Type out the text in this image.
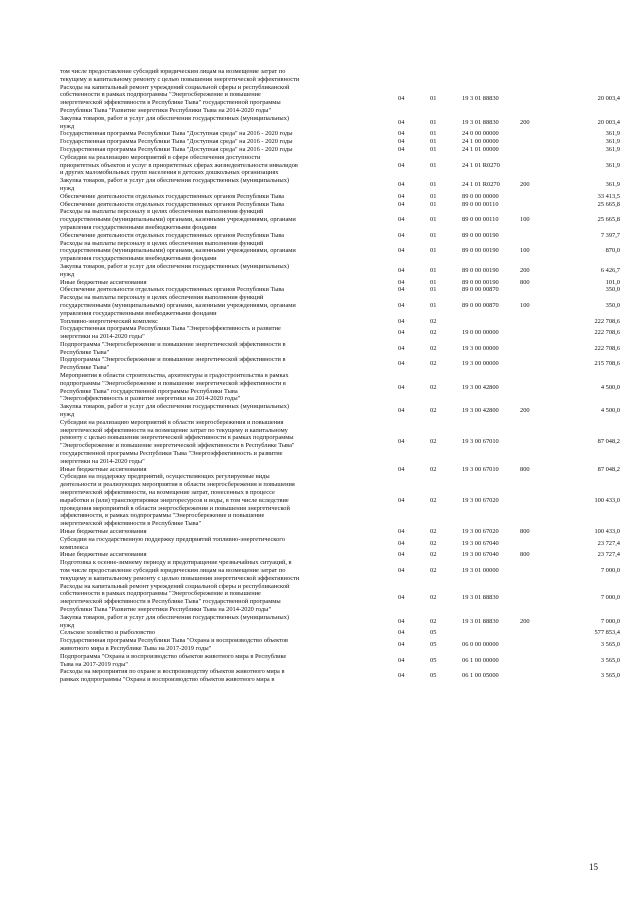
том числе предоставление субсидий юридическим лицам на возмещение затрат по
текущему и капитальному ремонту с целью повышения энергетической эффективности
Расходы на капитальный ремонт учреждений социальной сферы и республиканской
собственности в рамках подпрограммы "Энергосбережение и повышение
энергетической эффективности в Республике Тыва" государственной программы
Республики Тыва "Развитие энергетики Республики Тыва на 2014-2020 годы"
04	01	19 3 01 88830	20 003,4
Закупка товаров, работ и услуг для обеспечения государственных (муниципальных)
нужд
04	01	19 3 01 88830	200	20 003,4
Государственная программа Республики Тыва "Доступная среда" на 2016 - 2020 годы	04	01	24 0 00 00000	361,9
Государственная программа Республики Тыва "Доступная среда" на 2016 - 2020 годы	04	01	24 1 00 00000	361,9
Государственная программа Республики Тыва "Доступная среда" на 2016 - 2020 годы	04	01	24 1 01 00000	361,9
Субсидии на реализацию мероприятий в сфере обеспечения доступности
приоритетных объектов и услуг в приоритетных сферах жизнедеятельности инвалидов
и других маломобильных групп населения в детских дошкольных организациях
04	01	24 1 01 R0270	361,9
Закупка товаров, работ и услуг для обеспечения государственных (муниципальных)
нужд
04	01	24 1 01 R0270	200	361,9
Обеспечение деятельности отдельных государственных органов Республики Тыва	04	01	89 0 00 00000	33 413,5
Обеспечение деятельности отдельных государственных органов Республики Тыва	04	01	89 0 00 00110	25 665,8
Расходы на выплаты персоналу в целях обеспечения выполнения функций
государственными (муниципальными) органами, казенными учреждениями, органами
управления государственными внебюджетными фондами
04	01	89 0 00 00110	100	25 665,8
Обеспечение деятельности отдельных государственных органов Республики Тыва	04	01	89 0 00 00190	7 397,7
Расходы на выплаты персоналу в целях обеспечения выполнения функций
государственными (муниципальными) органами, казенными учреждениями, органами
управления государственными внебюджетными фондами
04	01	89 0 00 00190	100	870,0
Закупка товаров, работ и услуг для обеспечения государственных (муниципальных)
нужд
04	01	89 0 00 00190	200	6 426,7
Иные бюджетные ассигнования	04	01	89 0 00 00190	800	101,0
Обеспечение деятельности отдельных государственных органов Республики Тыва	04	01	89 0 00 00870	350,0
Расходы на выплаты персоналу в целях обеспечения выполнения функций
государственными (муниципальными) органами, казенными учреждениями, органами
управления государственными внебюджетными фондами
04	01	89 0 00 00870	100	350,0
Топливно-энергетический комплекс	04	02	222 708,6
Государственная программа Республики Тыва "Энергоэффективность и развитие
энергетики на 2014-2020 годы"
04	02	19 0 00 00000	222 708,6
Подпрограмма "Энергосбережение и повышение энергетической эффективности в
Республике Тыва"
04	02	19 3 00 00000	222 708,6
Подпрограмма "Энергосбережение и повышение энергетической эффективности в
Республике Тыва"
04	02	19 3 00 00000	215 708,6
Мероприятия в области строительства, архитектуры и градостроительства в рамках
подпрограммы "Энергосбережение и повышение энергетической эффективности в
Республике Тыва" государственной программы Республики Тыва
"Энергоэффективность и развитие энергетики на 2014-2020 годы"
04	02	19 3 00 42800	4 500,0
Закупка товаров, работ и услуг для обеспечения государственных (муниципальных)
нужд
04	02	19 3 00 42800	200	4 500,0
Субсидии на реализацию мероприятий в области энергосбережения и повышения
энергетической эффективности на возмещение затрат по текущему и капитальному
ремонту с целью повышения энергетической эффективности в рамках подпрограммы
"Энергосбережение и повышение энергетической эффективности в Республике Тыва"
государственной программы Республики Тыва "Энергоэффективность и развитие
энергетики на 2014-2020 годы"
04	02	19 3 00 67010	87 048,2
Иные бюджетные ассигнования	04	02	19 3 00 67010	800	87 048,2
Субсидии на поддержку предприятий, осуществляющих регулируемые виды
деятельности и реализующих мероприятия в области энергосбережения и повышения
энергетической эффективности, на возмещение затрат, понесенных в процессе
выработки и (или) транспортировки энергоресурсов и воды, в том числе вследствие
проведения мероприятий в области энергосбережения и повышения энергетической
эффективности, в рамках подпрограммы "Энергосбережение и повышение
энергетической эффективности в Республике Тыва"
04	02	19 3 00 67020	100 433,0
Иные бюджетные ассигнования	04	02	19 3 00 67020	800	100 433,0
Субсидии на государственную поддержку предприятий топливно-энергетического
комплекса
04	02	19 3 00 67040	23 727,4
Иные бюджетные ассигнования	04	02	19 3 00 67040	800	23 727,4
Подготовка к осенне-зимнему периоду и предотвращение чрезвычайных ситуаций, в
том числе предоставление субсидий юридическим лицам на возмещение затрат по
текущему и капитальному ремонту с целью повышения энергетической эффективности
04	02	19 3 01 00000	7 000,0
Расходы на капитальный ремонт учреждений социальной сферы и республиканской
собственности в рамках подпрограммы "Энергосбережение и повышение
энергетической эффективности в Республике Тыва" государственной программы
Республики Тыва "Развитие энергетики Республики Тыва на 2014-2020 годы"
04	02	19 3 01 88830	7 000,0
Закупка товаров, работ и услуг для обеспечения государственных (муниципальных)
нужд
04	02	19 3 01 88830	200	7 000,0
Сельское хозяйство и рыболовство	04	05	577 853,4
Государственная программа Республики Тыва "Охрана и воспроизводство объектов
животного мира в Республике Тыва на 2017-2019 годы"
04	05	06 0 00 00000	3 565,0
Подпрограмма "Охрана и воспроизводство объектов животного мира в Республике
Тыва на 2017-2019 годы"
04	05	06 1 00 00000	3 565,0
Расходы на мероприятия по охране и воспроизводству объектов животного мира в
рамках подпрограммы "Охрана и воспроизводство объектов животного мира в
04	05	06 1 00 05000	3 565,0
15
